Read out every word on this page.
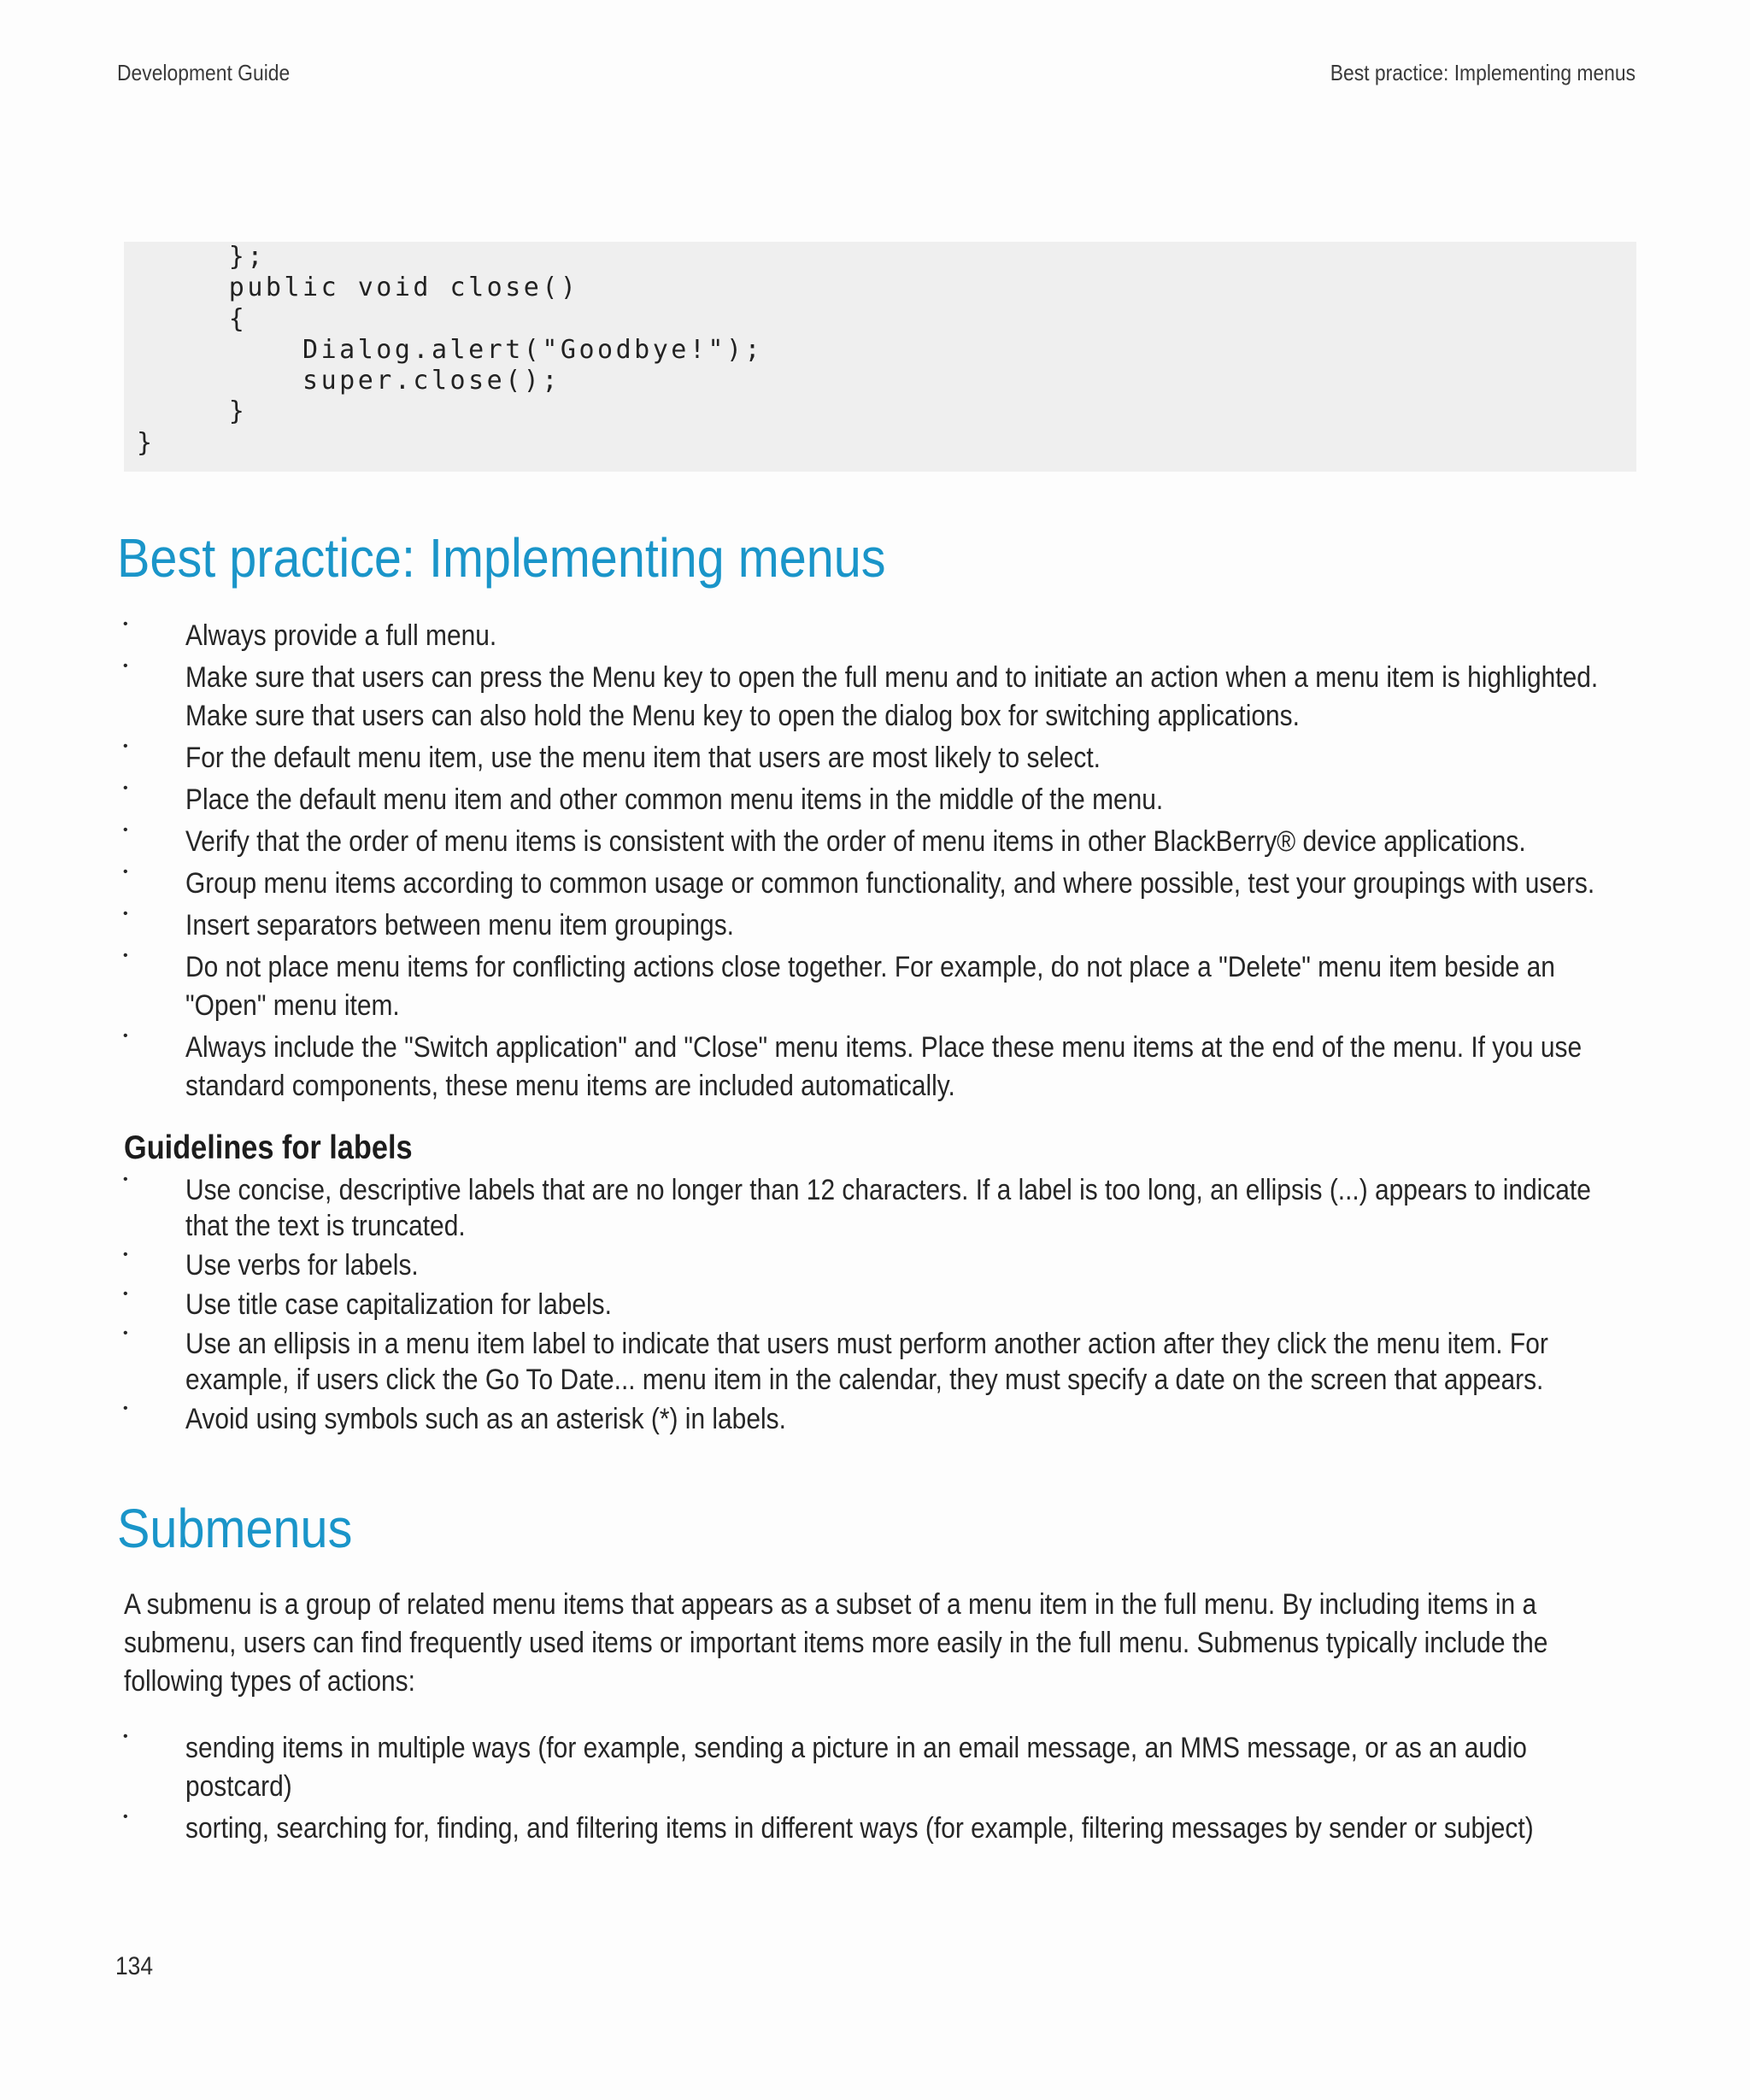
Development Guide	Best practice: Implementing menus
};
public void close()
{
Dialog.alert("Goodbye!");
super.close();
}
}
Best practice: Implementing menus
• Always provide a full menu.
• Make sure that users can press the Menu key to open the full menu and to initiate an action when a menu item is highlighted. Make sure that users can also hold the Menu key to open the dialog box for switching applications.
• For the default menu item, use the menu item that users are most likely to select.
• Place the default menu item and other common menu items in the middle of the menu.
• Verify that the order of menu items is consistent with the order of menu items in other BlackBerry® device applications.
• Group menu items according to common usage or common functionality, and where possible, test your groupings with users.
• Insert separators between menu item groupings.
• Do not place menu items for conflicting actions close together. For example, do not place a "Delete" menu item beside an "Open" menu item.
• Always include the "Switch application" and "Close" menu items. Place these menu items at the end of the menu. If you use standard components, these menu items are included automatically.
Guidelines for labels
• Use concise, descriptive labels that are no longer than 12 characters. If a label is too long, an ellipsis (...) appears to indicate that the text is truncated.
• Use verbs for labels.
• Use title case capitalization for labels.
• Use an ellipsis in a menu item label to indicate that users must perform another action after they click the menu item. For example, if users click the Go To Date... menu item in the calendar, they must specify a date on the screen that appears.
• Avoid using symbols such as an asterisk (*) in labels.
Submenus

A submenu is a group of related menu items that appears as a subset of a menu item in the full menu. By including items in a submenu, users can find frequently used items or important items more easily in the full menu. Submenus typically include the following types of actions:

• sending items in multiple ways (for example, sending a picture in an email message, an MMS message, or as an audio postcard)
• sorting, searching for, finding, and filtering items in different ways (for example, filtering messages by sender or subject)
134
